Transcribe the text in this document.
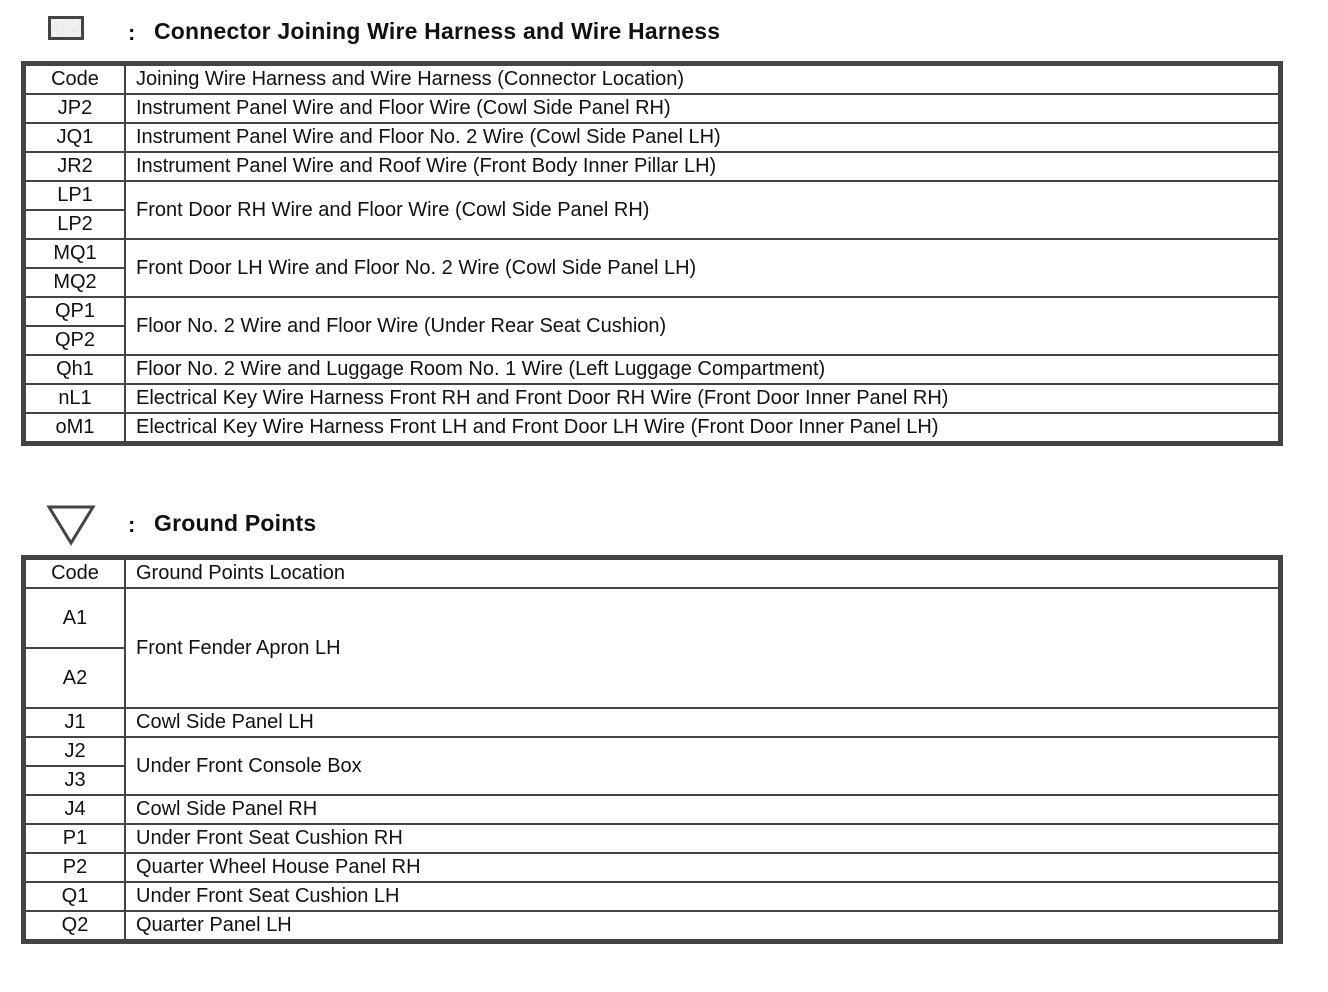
: Connector Joining Wire Harness and Wire Harness
Code	Joining Wire Harness and Wire Harness (Connector Location)
JP2	Instrument Panel Wire and Floor Wire (Cowl Side Panel RH)
JQ1	Instrument Panel Wire and Floor No. 2 Wire (Cowl Side Panel LH)
JR2	Instrument Panel Wire and Roof Wire (Front Body Inner Pillar LH)
LP1	Front Door RH Wire and Floor Wire (Cowl Side Panel RH)
LP2	
MQ1	Front Door LH Wire and Floor No. 2 Wire (Cowl Side Panel LH)
MQ2	
QP1	Floor No. 2 Wire and Floor Wire (Under Rear Seat Cushion)
QP2	
Qh1	Floor No. 2 Wire and Luggage Room No. 1 Wire (Left Luggage Compartment)
nL1	Electrical Key Wire Harness Front RH and Front Door RH Wire (Front Door Inner Panel RH)
oM1	Electrical Key Wire Harness Front LH and Front Door LH Wire (Front Door Inner Panel LH)
: Ground Points
Code	Ground Points Location
A1	Front Fender Apron LH
A2	
J1	Cowl Side Panel LH
J2	Under Front Console Box
J3	
J4	Cowl Side Panel RH
P1	Under Front Seat Cushion RH
P2	Quarter Wheel House Panel RH
Q1	Under Front Seat Cushion LH
Q2	Quarter Panel LH
